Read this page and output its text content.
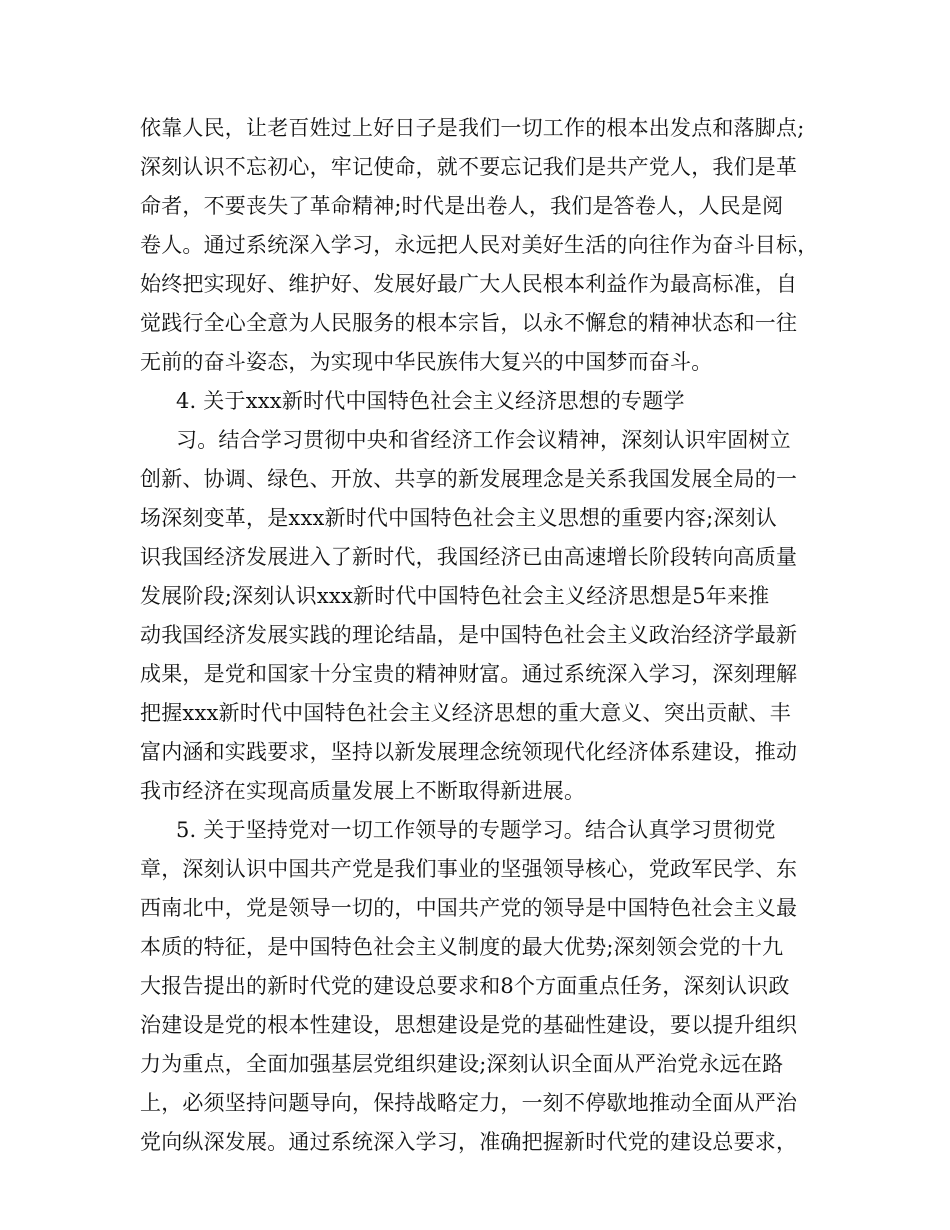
依靠人民，让老百姓过上好日子是我们一切工作的根本出发点和落脚点;
深刻认识不忘初心，牢记使命，就不要忘记我们是共产党人，我们是革
命者，不要丧失了革命精神;时代是出卷人，我们是答卷人，人民是阅
卷人。通过系统深入学习，永远把人民对美好生活的向往作为奋斗目标，
始终把实现好、维护好、发展好最广大人民根本利益作为最高标准，自
觉践行全心全意为人民服务的根本宗旨，以永不懈怠的精神状态和一往
无前的奋斗姿态，为实现中华民族伟大复兴的中国梦而奋斗。
4. 关于xxx新时代中国特色社会主义经济思想的专题学
习。结合学习贯彻中央和省经济工作会议精神，深刻认识牢固树立
创新、协调、绿色、开放、共享的新发展理念是关系我国发展全局的一
场深刻变革，是xxx新时代中国特色社会主义思想的重要内容;深刻认
识我国经济发展进入了新时代，我国经济已由高速增长阶段转向高质量
发展阶段;深刻认识xxx新时代中国特色社会主义经济思想是5年来推
动我国经济发展实践的理论结晶，是中国特色社会主义政治经济学最新
成果，是党和国家十分宝贵的精神财富。通过系统深入学习，深刻理解
把握xxx新时代中国特色社会主义经济思想的重大意义、突出贡献、丰
富内涵和实践要求，坚持以新发展理念统领现代化经济体系建设，推动
我市经济在实现高质量发展上不断取得新进展。
5. 关于坚持党对一切工作领导的专题学习。结合认真学习贯彻党
章，深刻认识中国共产党是我们事业的坚强领导核心，党政军民学、东
西南北中，党是领导一切的，中国共产党的领导是中国特色社会主义最
本质的特征，是中国特色社会主义制度的最大优势;深刻领会党的十九
大报告提出的新时代党的建设总要求和8个方面重点任务，深刻认识政
治建设是党的根本性建设，思想建设是党的基础性建设，要以提升组织
力为重点，全面加强基层党组织建设;深刻认识全面从严治党永远在路
上，必须坚持问题导向，保持战略定力，一刻不停歇地推动全面从严治
党向纵深发展。通过系统深入学习，准确把握新时代党的建设总要求，
